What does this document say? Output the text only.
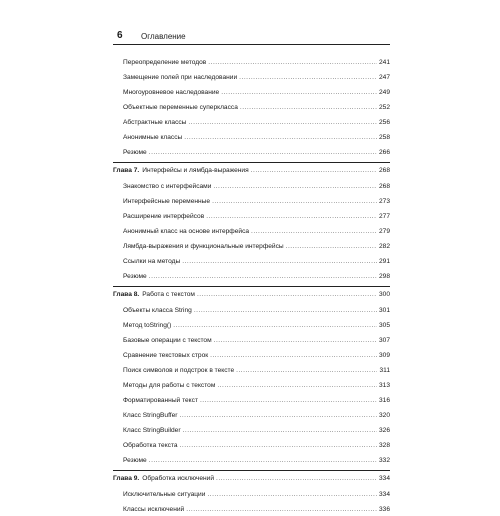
6 Оглавление
Переопределение методов .....	241
Замещение полей при наследовании .....	247
Многоуровневое наследование .....	249
Объектные переменные суперкласса .....	252
Абстрактные классы .....	256
Анонимные классы .....	258
Резюме .....	266
Глава 7. Интерфейсы и лямбда-выражения .....	268
Знакомство с интерфейсами .....	268
Интерфейсные переменные .....	273
Расширение интерфейсов .....	277
Анонимный класс на основе интерфейса .....	279
Лямбда-выражения и функциональные интерфейсы .....	282
Ссылки на методы .....	291
Резюме .....	298
Глава 8. Работа с текстом .....	300
Объекты класса String .....	301
Метод toString() .....	305
Базовые операции с текстом .....	307
Сравнение текстовых строк .....	309
Поиск символов и подстрок в тексте .....	311
Методы для работы с текстом .....	313
Форматированный текст .....	316
Класс StringBuffer .....	320
Класс StringBuilder .....	326
Обработка текста .....	328
Резюме .....	332
Глава 9. Обработка исключений .....	334
Исключительные ситуации .....	334
Классы исключений .....	336
